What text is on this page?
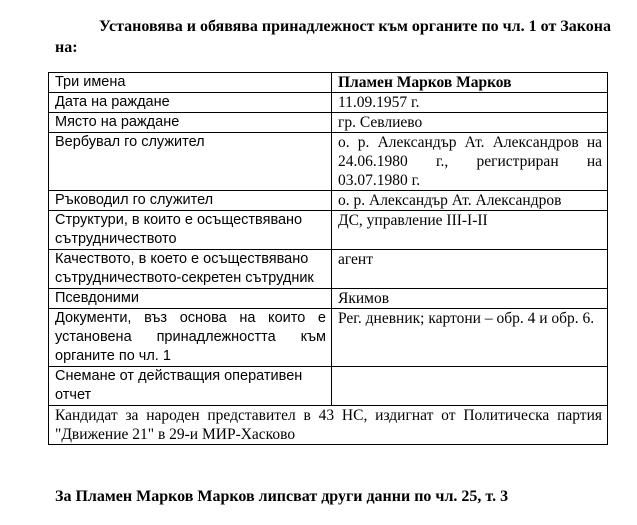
Установява и обявява принадлежност към органите по чл. 1 от Закона на:

Три имена	Пламен Марков Марков
Дата на раждане	11.09.1957 г.
Място на раждане	гр. Севлиево
Вербувал го служител	о. р. Александър Ат. Александров на 24.06.1980 г., регистриран на 03.07.1980 г.
Ръководил го служител	о. р. Александър Ат. Александров
Структури, в които е осъществявано сътрудничеството	ДС, управление III-I-II
Качеството, в което е осъществявано сътрудничеството-секретен сътрудник	агент
Псевдоними	Якимов
Документи, въз основа на които е установена принадлежността към органите по чл. 1	Рег. дневник; картони – обр. 4 и обр. 6.
Снемане от действащия оперативен отчет	
Кандидат за народен представител в 43 НС, издигнат от Политическа партия "Движение 21" в 29-и МИР-Хасково	

За Пламен Марков Марков липсват други данни по чл. 25, т. 3
